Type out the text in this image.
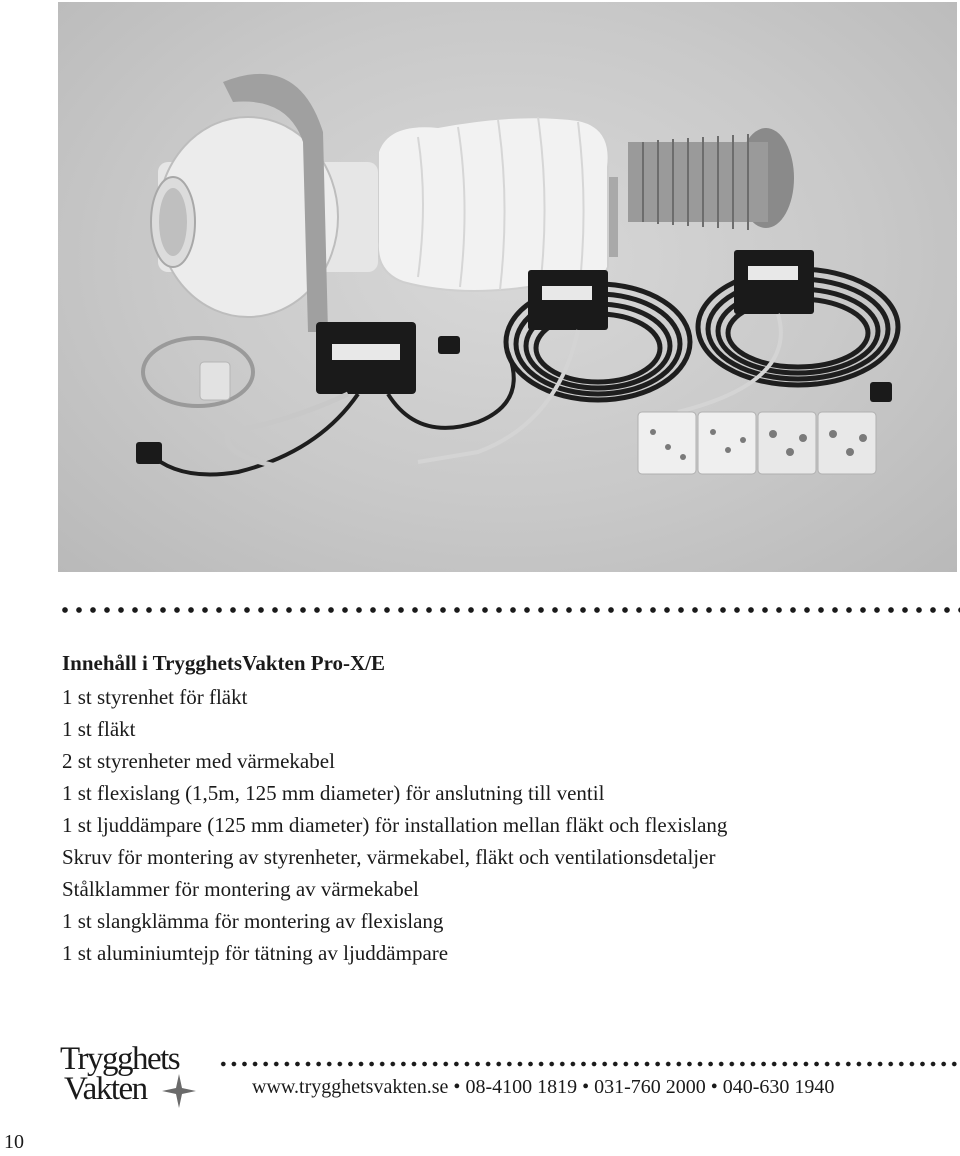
Innehåll i TrygghetsVakten Pro-X/E
1 st styrenhet för fläkt
1 st fläkt
2 st styrenheter med värmekabel
1 st flexislang (1,5m, 125 mm diameter) för anslutning till ventil
1 st ljuddämpare (125 mm diameter) för installation mellan fläkt och flexislang
Skruv för montering av styrenheter, värmekabel, fläkt och ventilationsdetaljer
Stålklammer för montering av värmekabel
1 st slangklämma för montering av flexislang
1 st aluminiumtejp för tätning av ljuddämpare
Trygghets
Vakten	www.trygghetsvakten.se • 08-4100 1819 • 031-760 2000 • 040-630 1940
10
